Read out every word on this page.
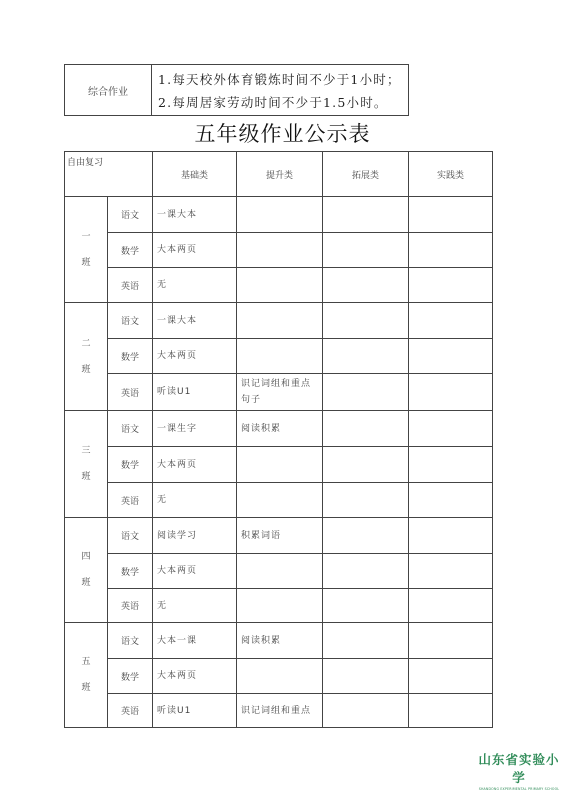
综合作业
1.每天校外体育锻炼时间不少于1小时；
2.每周居家劳动时间不少于1.5小时。
五年级作业公示表
自由复习		基础类	提升类	拓展类	实践类
一
班	语文	一课大本			
	数学	大本两页			
	英语	无			
二
班	语文	一课大本			
	数学	大本两页			
	英语	听读U1	识记词组和重点句子		
三
班	语文	一课生字	阅读积累		
	数学	大本两页			
	英语	无			
四
班	语文	阅读学习	积累词语		
	数学	大本两页			
	英语	无			
五
班	语文	大本一课	阅读积累		
	数学	大本两页			
	英语	听读U1	识记词组和重点		
山东省实验小学
SHANDONG EXPERIMENTAL PRIMARY SCHOOL
